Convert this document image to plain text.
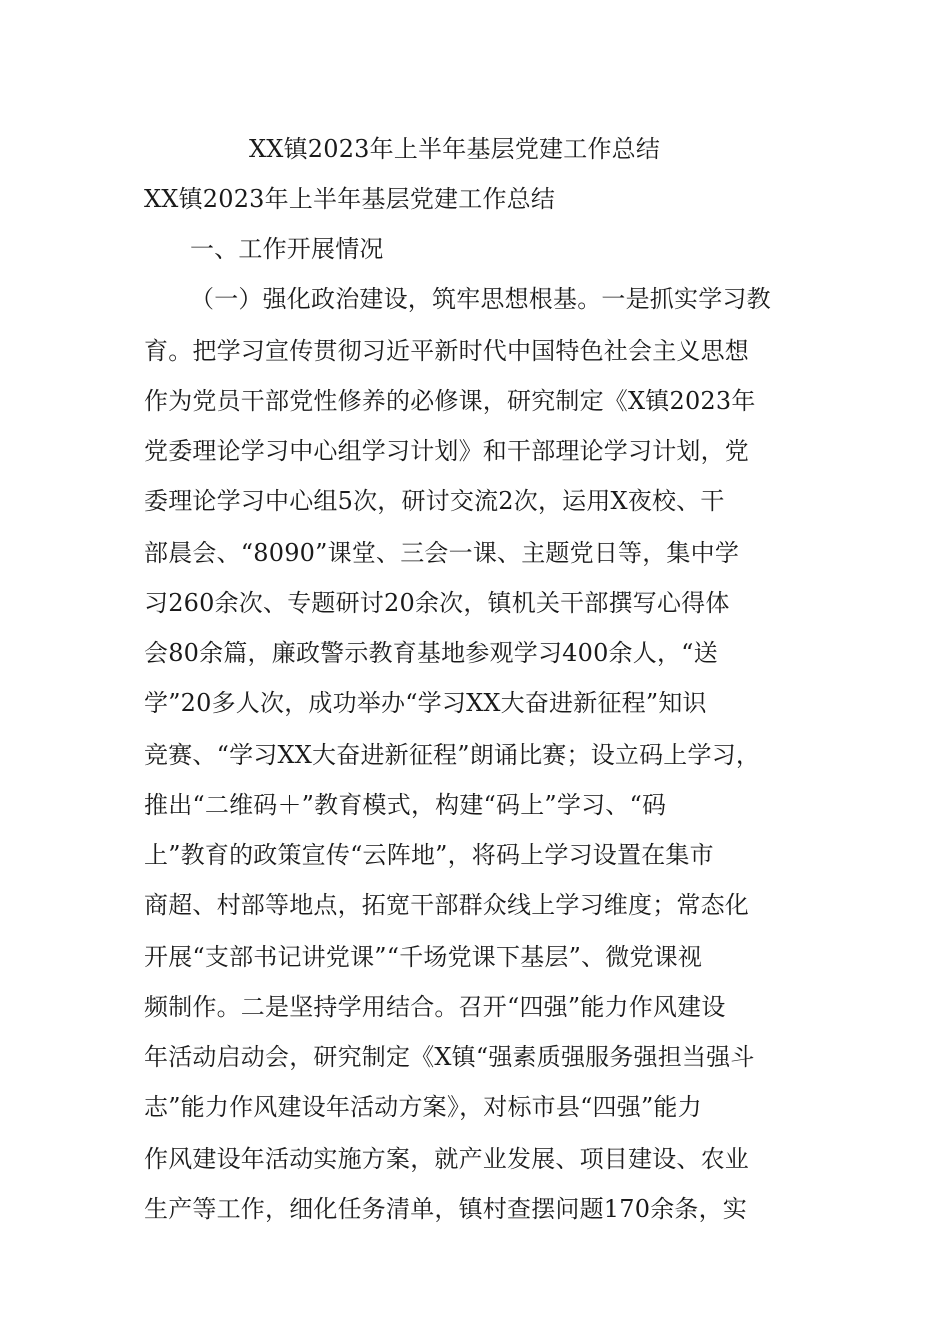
XX镇2023年上半年基层党建工作总结

XX镇2023年上半年基层党建工作总结

一、工作开展情况

（一）强化政治建设，筑牢思想根基。一是抓实学习教

育。把学习宣传贯彻习近平新时代中国特色社会主义思想

作为党员干部党性修养的必修课，研究制定《X镇2023年

党委理论学习中心组学习计划》和干部理论学习计划，党

委理论学习中心组5次，研讨交流2次，运用X夜校、干

部晨会、“8090”课堂、三会一课、主题党日等，集中学

习260余次、专题研讨20余次，镇机关干部撰写心得体

会80余篇，廉政警示教育基地参观学习400余人，“送

学”20多人次，成功举办“学习XX大奋进新征程”知识

竞赛、“学习XX大奋进新征程”朗诵比赛；设立码上学习，

推出“二维码＋”教育模式，构建“码上”学习、“码

上”教育的政策宣传“云阵地”，将码上学习设置在集市

商超、村部等地点，拓宽干部群众线上学习维度；常态化

开展“支部书记讲党课”“千场党课下基层”、微党课视

频制作。二是坚持学用结合。召开“四强”能力作风建设

年活动启动会，研究制定《X镇“强素质强服务强担当强斗

志”能力作风建设年活动方案》，对标市县“四强”能力

作风建设年活动实施方案，就产业发展、项目建设、农业

生产等工作，细化任务清单，镇村查摆问题170余条，实
